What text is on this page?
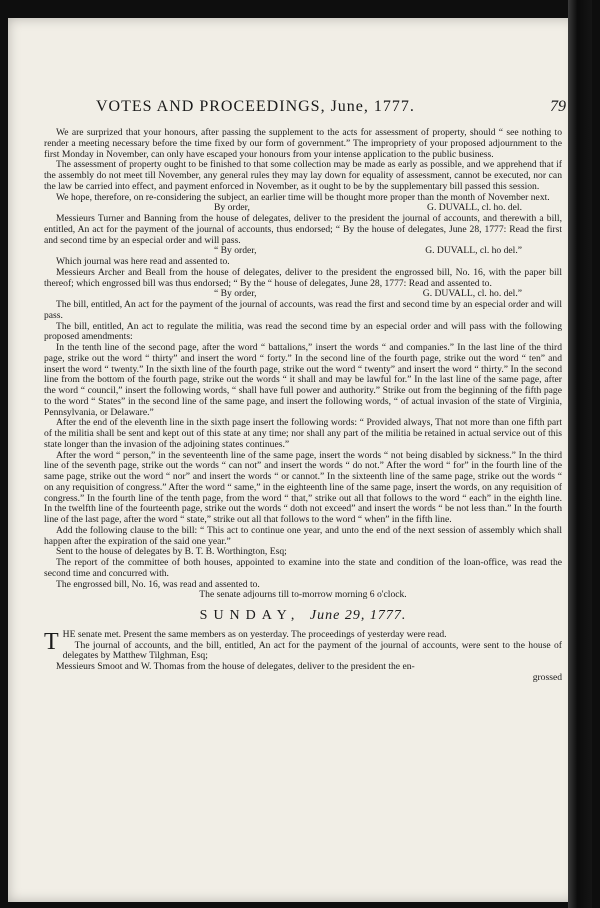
VOTES AND PROCEEDINGS, June, 1777.	79

We are surprized that your honours, after passing the supplement to the acts for assessment of property, should “ see nothing to render a meeting necessary before the time fixed by our form of government.” The impropriety of your proposed adjournment to the first Monday in November, can only have escaped your honours from your intense application to the public business.

The assessment of property ought to be finished to that some collection may be made as early as possible, and we apprehend that if the assembly do not meet till November, any general rules they may lay down for equality of assessment, cannot be executed, nor can the law be carried into effect, and payment enforced in November, as it ought to be by the supplementary bill passed this session.

We hope, therefore, on re-considering the subject, an earlier time will be thought more proper than the month of November next.

By order,	G. DUVALL, cl. ho. del.

Messieurs Turner and Banning from the house of delegates, deliver to the president the journal of accounts, and therewith a bill, entitled, An act for the payment of the journal of accounts, thus endorsed; “ By the house of delegates, June 28, 1777: Read the first and second time by an especial order and will pass.

“ By order,	G. DUVALL, cl. ho del.”

Which journal was here read and assented to.

Messieurs Archer and Beall from the house of delegates, deliver to the president the engrossed bill, No. 16, with the paper bill thereof; which engrossed bill was thus endorsed; “ By the “ house of delegates, June 28, 1777: Read and assented to.

“ By order,	G. DUVALL, cl. ho. del.”

The bill, entitled, An act for the payment of the journal of accounts, was read the first and second time by an especial order and will pass.

The bill, entitled, An act to regulate the militia, was read the second time by an especial order and will pass with the following proposed amendments:

In the tenth line of the second page, after the word “ battalions,” insert the words “ and companies.” In the last line of the third page, strike out the word “ thirty” and insert the word “ forty.” In the second line of the fourth page, strike out the word “ ten” and insert the word “ twenty.” In the sixth line of the fourth page, strike out the word “ twenty” and insert the word “ thirty.” In the second line from the bottom of the fourth page, strike out the words “ it shall and may be lawful for.” In the last line of the same page, after the word “ council,” insert the following words, “ shall have full power and authority.” Strike out from the beginning of the fifth page to the word “ States” in the second line of the same page, and insert the following words, “ of actual invasion of the state of Virginia, Pennsylvania, or Delaware.”

After the end of the eleventh line in the sixth page insert the following words: “ Provided always, That not more than one fifth part of the militia shall be sent and kept out of this state at any time; nor shall any part of the militia be retained in actual service out of this state longer than the invasion of the adjoining states continues.”

After the word “ person,” in the seventeenth line of the same page, insert the words “ not being disabled by sickness.” In the third line of the seventh page, strike out the words “ can not” and insert the words “ do not.” After the word “ for” in the fourth line of the same page, strike out the word “ nor” and insert the words “ or cannot.” In the sixteenth line of the same page, strike out the words “ on any requisition of congress.” After the word “ same,” in the eighteenth line of the same page, insert the words, on any requisition of congress.” In the fourth line of the tenth page, from the word “ that,” strike out all that follows to the word “ each” in the eighth line. In the twelfth line of the fourteenth page, strike out the words “ doth not exceed” and insert the words “ be not less than.” In the fourth line of the last page, after the word “ state,” strike out all that follows to the word “ when” in the fifth line.

Add the following clause to the bill: “ This act to continue one year, and unto the end of the next session of assembly which shall happen after the expiration of the said one year.”

Sent to the house of delegates by B. T. B. Worthington, Esq;

The report of the committee of both houses, appointed to examine into the state and condition of the loan-office, was read the second time and concurred with.

The engrossed bill, No. 16, was read and assented to.

The senate adjourns till to-morrow morning 6 o'clock.

SUNDAY, June 29, 1777.

T HE senate met. Present the same members as on yesterday. The proceedings of yesterday were read.

The journal of accounts, and the bill, entitled, An act for the payment of the journal of accounts, were sent to the house of delegates by Matthew Tilghman, Esq;

Messieurs Smoot and W. Thomas from the house of delegates, deliver to the president the en-

grossed
